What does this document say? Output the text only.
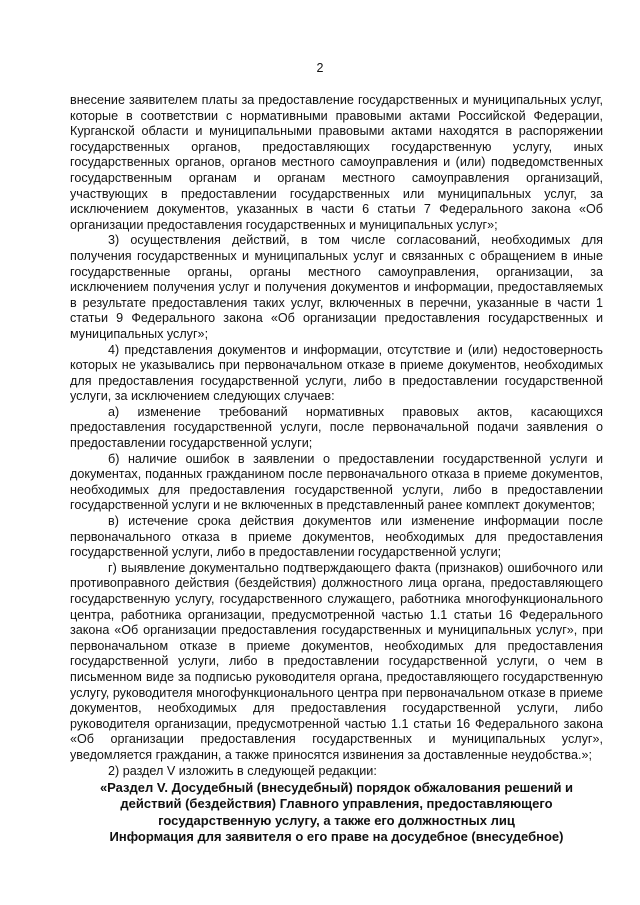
2

внесение заявителем платы за предоставление государственных и муниципальных услуг, которые в соответствии с нормативными правовыми актами Российской Федерации, Курганской области и муниципальными правовыми актами находятся в распоряжении государственных органов, предоставляющих государственную услугу, иных государственных органов, органов местного самоуправления и (или) подведомственных государственным органам и органам местного самоуправления организаций, участвующих в предоставлении государственных или муниципальных услуг, за исключением документов, указанных в части 6 статьи 7 Федерального закона «Об организации предоставления государственных и муниципальных услуг»;

3) осуществления действий, в том числе согласований, необходимых для получения государственных и муниципальных услуг и связанных с обращением в иные государственные органы, органы местного самоуправления, организации, за исключением получения услуг и получения документов и информации, предоставляемых в результате предоставления таких услуг, включенных в перечни, указанные в части 1 статьи 9 Федерального закона «Об организации предоставления государственных и муниципальных услуг»;

4) представления документов и информации, отсутствие и (или) недостоверность которых не указывались при первоначальном отказе в приеме документов, необходимых для предоставления государственной услуги, либо в предоставлении государственной услуги, за исключением следующих случаев:

а) изменение требований нормативных правовых актов, касающихся предоставления государственной услуги, после первоначальной подачи заявления о предоставлении государственной услуги;

б) наличие ошибок в заявлении о предоставлении государственной услуги и документах, поданных гражданином после первоначального отказа в приеме документов, необходимых для предоставления государственной услуги, либо в предоставлении государственной услуги и не включенных в представленный ранее комплект документов;

в) истечение срока действия документов или изменение информации после первоначального отказа в приеме документов, необходимых для предоставления государственной услуги, либо в предоставлении государственной услуги;

г) выявление документально подтверждающего факта (признаков) ошибочного или противоправного действия (бездействия) должностного лица органа, предоставляющего государственную услугу, государственного служащего, работника многофункционального центра, работника организации, предусмотренной частью 1.1 статьи 16 Федерального закона «Об организации предоставления государственных и муниципальных услуг», при первоначальном отказе в приеме документов, необходимых для предоставления государственной услуги, либо в предоставлении государственной услуги, о чем в письменном виде за подписью руководителя органа, предоставляющего государственную услугу, руководителя многофункционального центра при первоначальном отказе в приеме документов, необходимых для предоставления государственной услуги, либо руководителя организации, предусмотренной частью 1.1 статьи 16 Федерального закона «Об организации предоставления государственных и муниципальных услуг», уведомляется гражданин, а также приносятся извинения за доставленные неудобства.»;

2) раздел V изложить в следующей редакции:

«Раздел V. Досудебный (внесудебный) порядок обжалования решений и
действий (бездействия) Главного управления, предоставляющего
государственную услугу, а также его должностных лиц
Информация для заявителя о его праве на досудебное (внесудебное)
